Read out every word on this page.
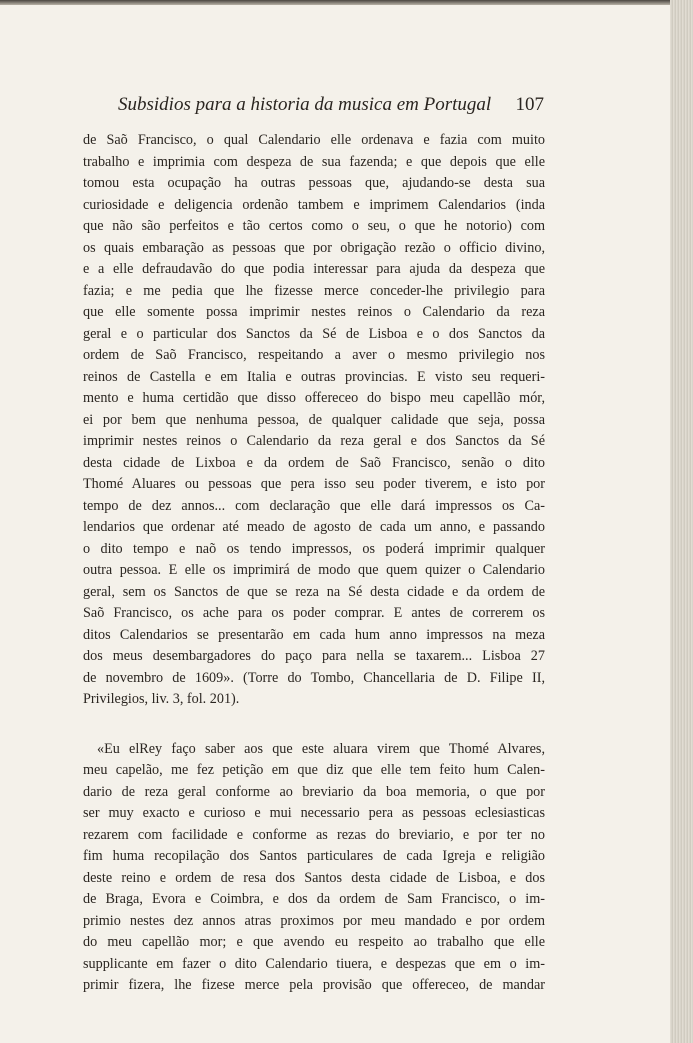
Subsidios para a historia da musica em Portugal 107
de Saõ Francisco, o qual Calendario elle ordenava e fazia com muito
trabalho e imprimia com despeza de sua fazenda; e que depois que elle
tomou esta ocupação ha outras pessoas que, ajudando-se desta sua
curiosidade e deligencia ordenão tambem e imprimem Calendarios (inda
que não são perfeitos e tão certos como o seu, o que he notorio) com
os quais embaração as pessoas que por obrigação rezão o officio divino,
e a elle defraudavão do que podia interessar para ajuda da despeza que
fazia; e me pedia que lhe fizesse merce conceder-lhe privilegio para
que elle somente possa imprimir nestes reinos o Calendario da reza
geral e o particular dos Sanctos da Sé de Lisboa e o dos Sanctos da
ordem de Saõ Francisco, respeitando a aver o mesmo privilegio nos
reinos de Castella e em Italia e outras provincias. E visto seu requeri-
mento e huma certidão que disso offereceo do bispo meu capellão mór,
ei por bem que nenhuma pessoa, de qualquer calidade que seja, possa
imprimir nestes reinos o Calendario da reza geral e dos Sanctos da Sé
desta cidade de Lixboa e da ordem de Saõ Francisco, senão o dito
Thomé Aluares ou pessoas que pera isso seu poder tiverem, e isto por
tempo de dez annos... com declaração que elle dará impressos os Ca-
lendarios que ordenar até meado de agosto de cada um anno, e passando
o dito tempo e naõ os tendo impressos, os poderá imprimir qualquer
outra pessoa. E elle os imprimirá de modo que quem quizer o Calendario
geral, sem os Sanctos de que se reza na Sé desta cidade e da ordem de
Saõ Francisco, os ache para os poder comprar. E antes de correrem os
ditos Calendarios se presentarão em cada hum anno impressos na meza
dos meus desembargadores do paço para nella se taxarem... Lisboa 27
de novembro de 1609». (Torre do Tombo, Chancellaria de D. Filipe II,
Privilegios, liv. 3, fol. 201).
«Eu elRey faço saber aos que este aluara virem que Thomé Alvares,
meu capelão, me fez petição em que diz que elle tem feito hum Calen-
dario de reza geral conforme ao breviario da boa memoria, o que por
ser muy exacto e curioso e mui necessario pera as pessoas eclesiasticas
rezarem com facilidade e conforme as rezas do breviario, e por ter no
fim huma recopilação dos Santos particulares de cada Igreja e religião
deste reino e ordem de resa dos Santos desta cidade de Lisboa, e dos
de Braga, Evora e Coimbra, e dos da ordem de Sam Francisco, o im-
primio nestes dez annos atras proximos por meu mandado e por ordem
do meu capellão mor; e que avendo eu respeito ao trabalho que elle
supplicante em fazer o dito Calendario tiuera, e despezas que em o im-
primir fizera, lhe fizese merce pela provisão que offereceo, de mandar
